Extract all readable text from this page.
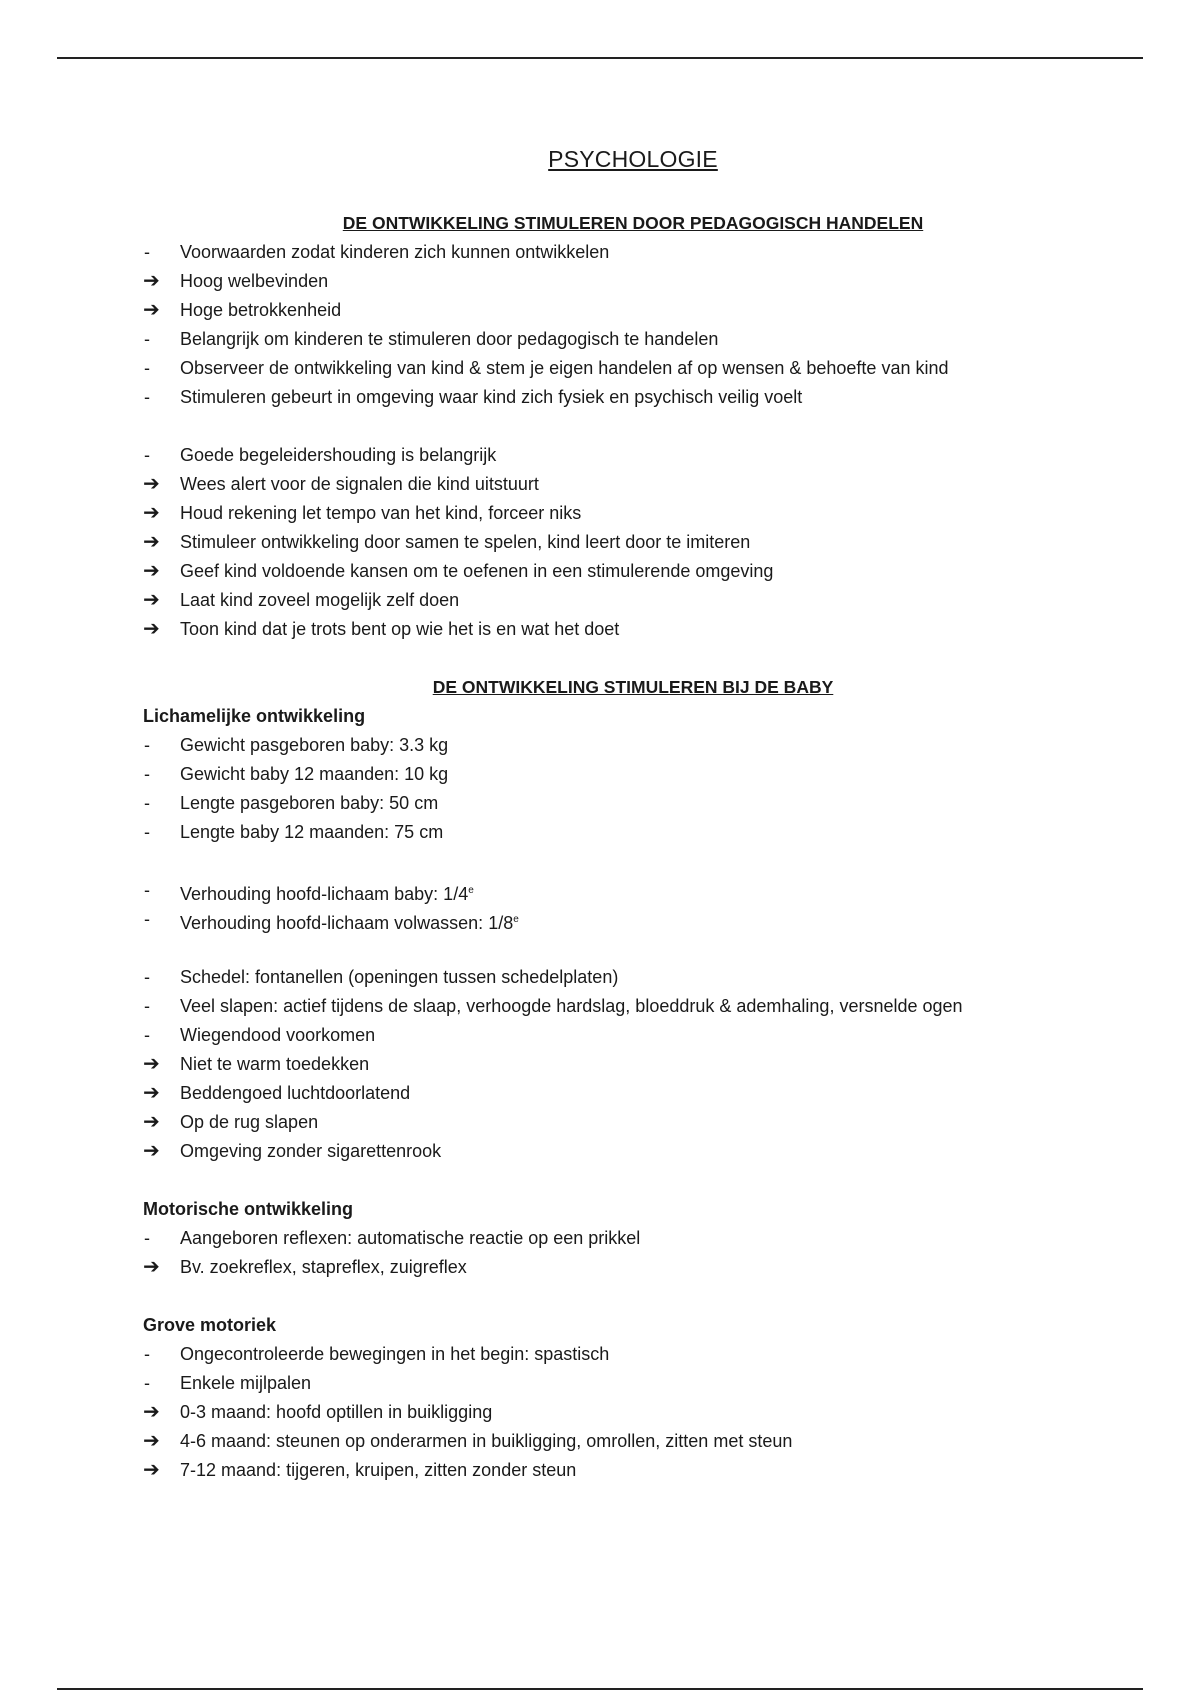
PSYCHOLOGIE
DE ONTWIKKELING STIMULEREN DOOR PEDAGOGISCH HANDELEN
-	Voorwaarden zodat kinderen zich kunnen ontwikkelen
➔	Hoog welbevinden
➔	Hoge betrokkenheid
-	Belangrijk om kinderen te stimuleren door pedagogisch te handelen
-	Observeer de ontwikkeling van kind & stem je eigen handelen af op wensen & behoefte van kind
-	Stimuleren gebeurt in omgeving waar kind zich fysiek en psychisch veilig voelt
-	Goede begeleidershouding is belangrijk
➔	Wees alert voor de signalen die kind uitstuurt
➔	Houd rekening let tempo van het kind, forceer niks
➔	Stimuleer ontwikkeling door samen te spelen, kind leert door te imiteren
➔	Geef kind voldoende kansen om te oefenen in een stimulerende omgeving
➔	Laat kind zoveel mogelijk zelf doen
➔	Toon kind dat je trots bent op wie het is en wat het doet
DE ONTWIKKELING STIMULEREN BIJ DE BABY
Lichamelijke ontwikkeling
-	Gewicht pasgeboren baby: 3.3 kg
-	Gewicht baby 12 maanden: 10 kg
-	Lengte pasgeboren baby: 50 cm
-	Lengte baby 12 maanden: 75 cm
-	Verhouding hoofd-lichaam baby: 1/4e
-	Verhouding hoofd-lichaam volwassen: 1/8e
-	Schedel: fontanellen (openingen tussen schedelplaten)
-	Veel slapen: actief tijdens de slaap, verhoogde hardslag, bloeddruk & ademhaling, versnelde ogen
-	Wiegendood voorkomen
➔	Niet te warm toedekken
➔	Beddengoed luchtdoorlatend
➔	Op de rug slapen
➔	Omgeving zonder sigarettenrook
Motorische ontwikkeling
-	Aangeboren reflexen: automatische reactie op een prikkel
➔	Bv. zoekreflex, stapreflex, zuigreflex
Grove motoriek
-	Ongecontroleerde bewegingen in het begin: spastisch
-	Enkele mijlpalen
➔	0-3 maand: hoofd optillen in buikligging
➔	4-6 maand: steunen op onderarmen in buikligging, omrollen, zitten met steun
➔	7-12 maand: tijgeren, kruipen, zitten zonder steun
